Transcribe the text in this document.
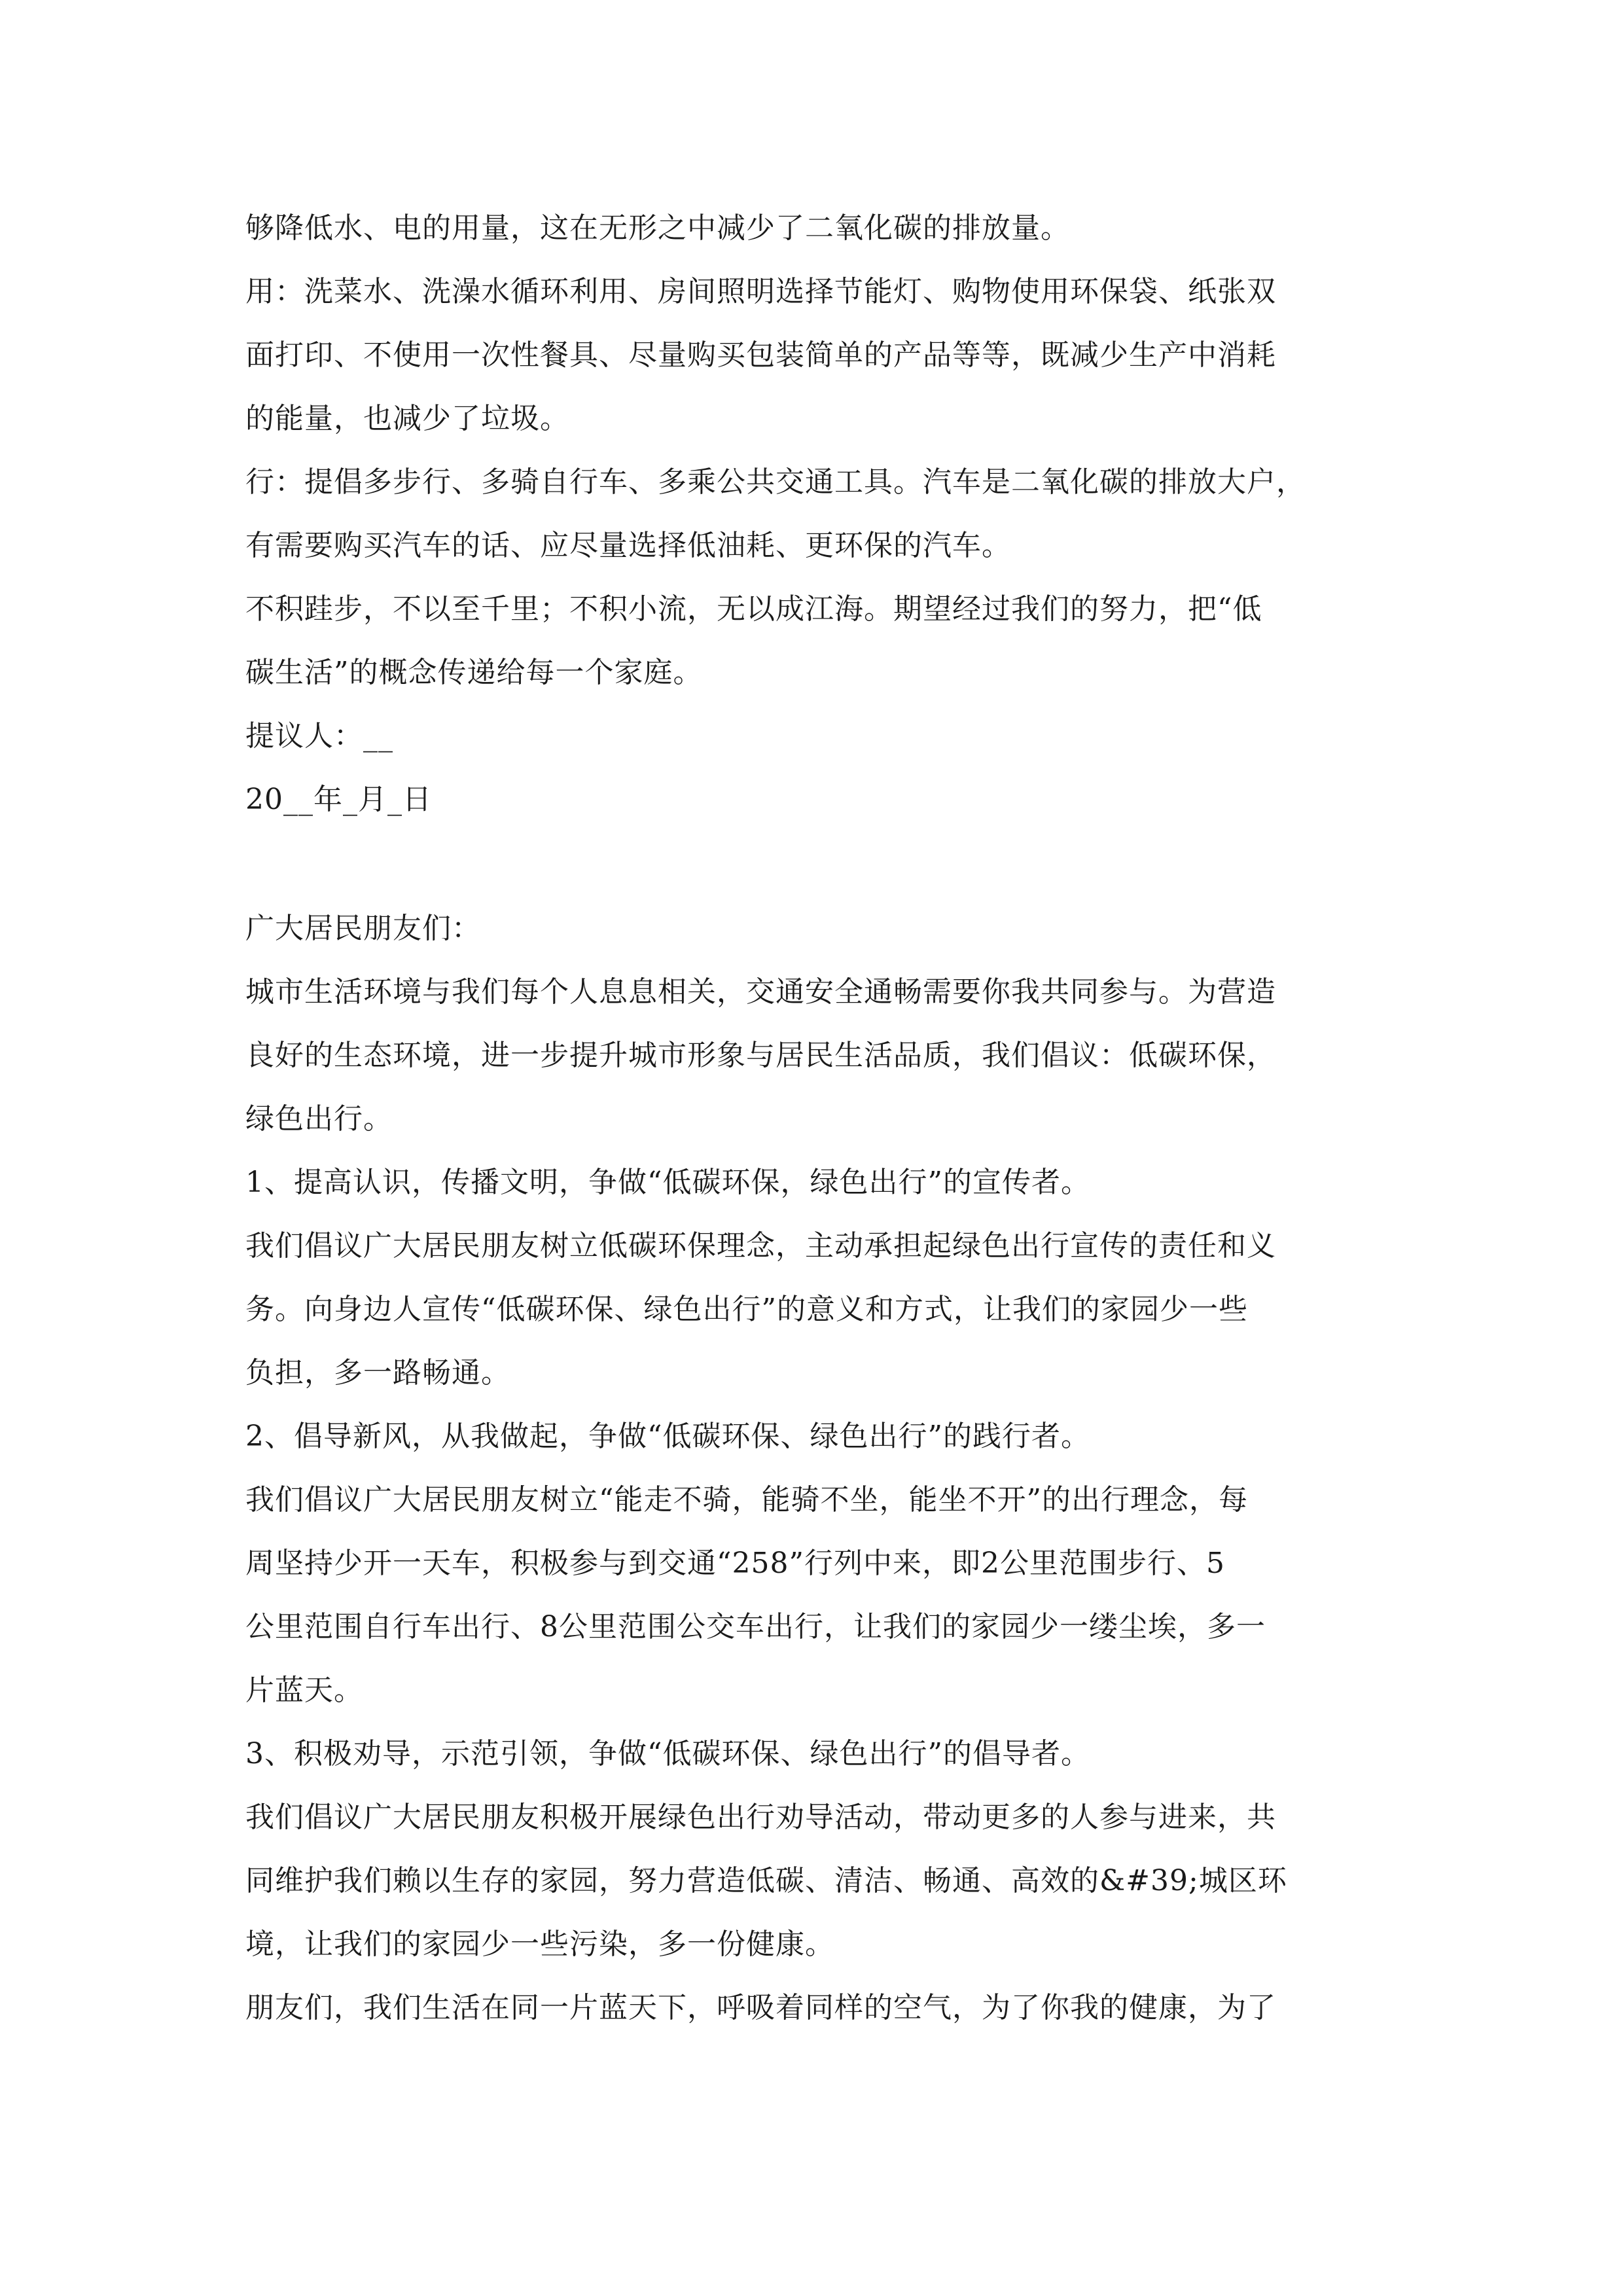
够降低水、电的用量，这在无形之中减少了二氧化碳的排放量。
用：洗菜水、洗澡水循环利用、房间照明选择节能灯、购物使用环保袋、纸张双
面打印、不使用一次性餐具、尽量购买包装简单的产品等等，既减少生产中消耗
的能量，也减少了垃圾。
行：提倡多步行、多骑自行车、多乘公共交通工具。汽车是二氧化碳的排放大户，
有需要购买汽车的话、应尽量选择低油耗、更环保的汽车。
不积跬步，不以至千里；不积小流，无以成江海。期望经过我们的努力，把“低
碳生活”的概念传递给每一个家庭。
提议人：__
20__年_月_日
广大居民朋友们：
城市生活环境与我们每个人息息相关，交通安全通畅需要你我共同参与。为营造
良好的生态环境，进一步提升城市形象与居民生活品质，我们倡议：低碳环保，
绿色出行。
1、提高认识，传播文明，争做“低碳环保，绿色出行”的宣传者。
我们倡议广大居民朋友树立低碳环保理念，主动承担起绿色出行宣传的责任和义
务。向身边人宣传“低碳环保、绿色出行”的意义和方式，让我们的家园少一些
负担，多一路畅通。
2、倡导新风，从我做起，争做“低碳环保、绿色出行”的践行者。
我们倡议广大居民朋友树立“能走不骑，能骑不坐，能坐不开”的出行理念，每
周坚持少开一天车，积极参与到交通“258”行列中来，即2公里范围步行、5
公里范围自行车出行、8公里范围公交车出行，让我们的家园少一缕尘埃，多一
片蓝天。
3、积极劝导，示范引领，争做“低碳环保、绿色出行”的倡导者。
我们倡议广大居民朋友积极开展绿色出行劝导活动，带动更多的人参与进来，共
同维护我们赖以生存的家园，努力营造低碳、清洁、畅通、高效的&#39;城区环
境，让我们的家园少一些污染，多一份健康。
朋友们，我们生活在同一片蓝天下，呼吸着同样的空气，为了你我的健康，为了
